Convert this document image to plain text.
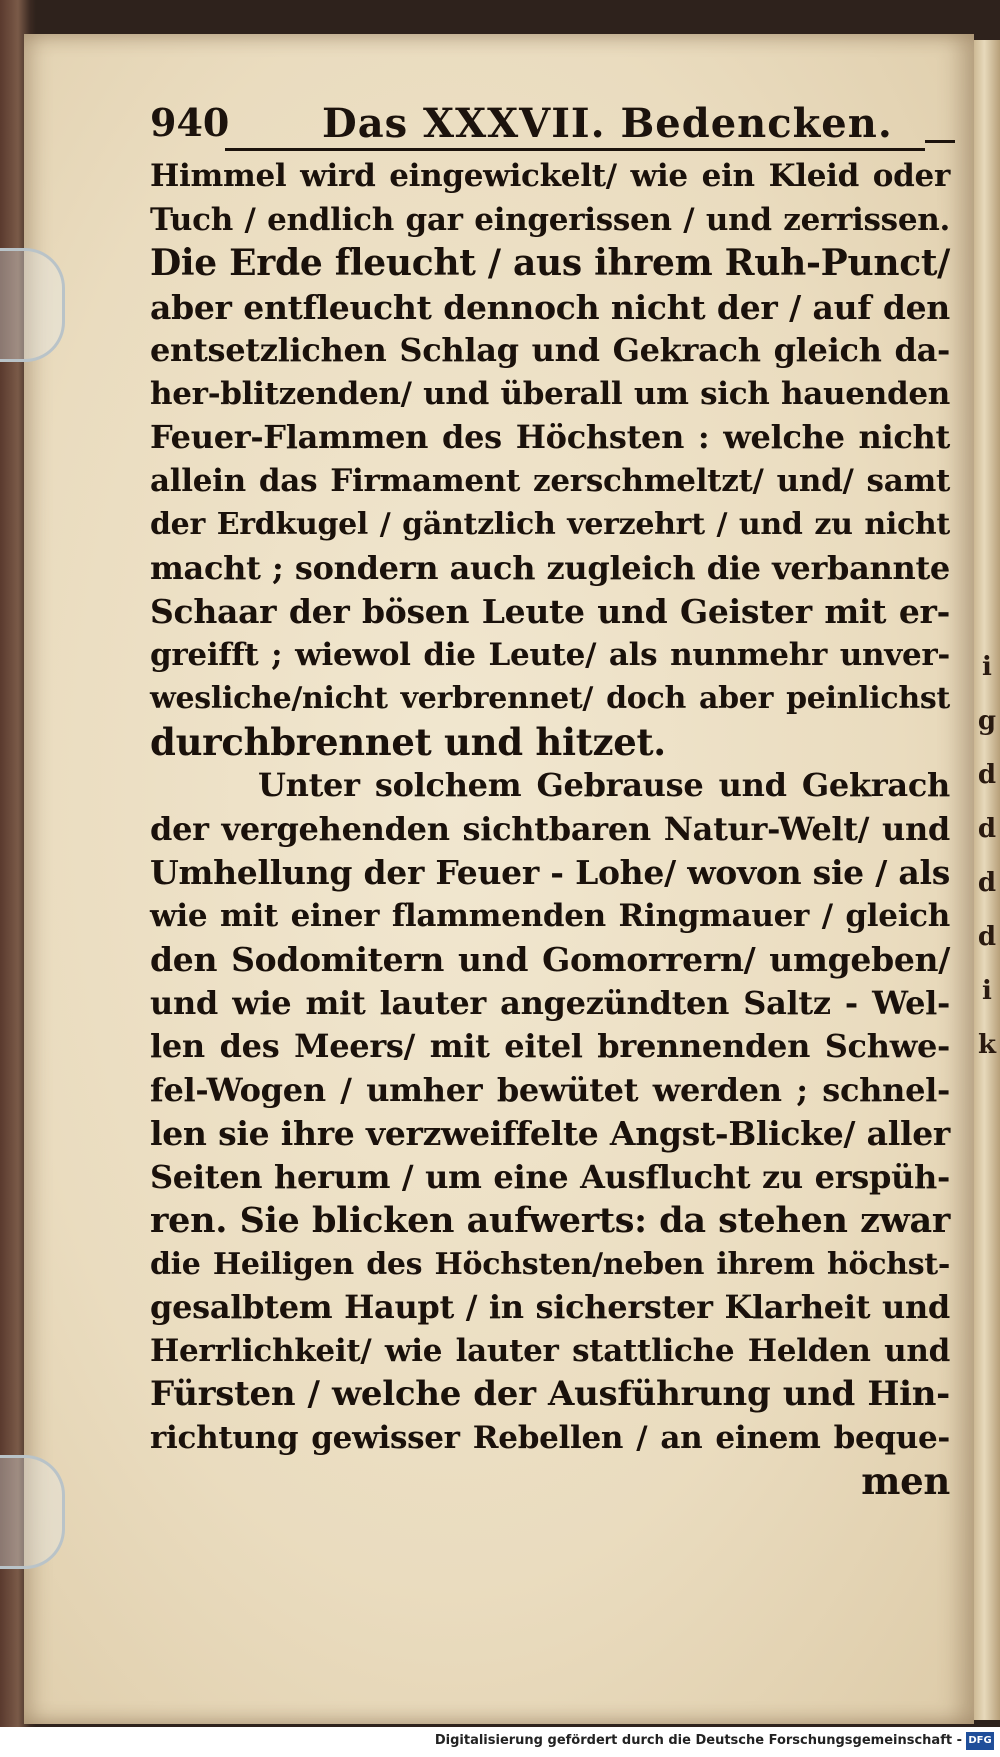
i
g
d
d
d
d
i
k
940 Das XXXVII. Bedencken.
Himmel wird eingewickelt/ wie ein Kleid oder
Tuch / endlich gar eingerissen / und zerrissen.
Die Erde fleucht / aus ihrem Ruh-Punct/
aber entfleucht dennoch nicht der / auf den
entsetzlichen Schlag und Gekrach gleich da-
her-blitzenden/ und überall um sich hauenden
Feuer-Flammen des Höchsten : welche nicht
allein das Firmament zerschmeltzt/ und/ samt
der Erdkugel / gäntzlich verzehrt / und zu nicht
macht ; sondern auch zugleich die verbannte
Schaar der bösen Leute und Geister mit er-
greifft ; wiewol die Leute/ als nunmehr unver-
wesliche/nicht verbrennet/ doch aber peinlichst
durchbrennet und hitzet.
Unter solchem Gebrause und Gekrach
der vergehenden sichtbaren Natur-Welt/ und
Umhellung der Feuer - Lohe/ wovon sie / als
wie mit einer flammenden Ringmauer / gleich
den Sodomitern und Gomorrern/ umgeben/
und wie mit lauter angezündten Saltz - Wel-
len des Meers/ mit eitel brennenden Schwe-
fel-Wogen / umher bewütet werden ; schnel-
len sie ihre verzweiffelte Angst-Blicke/ aller
Seiten herum / um eine Ausflucht zu erspüh-
ren. Sie blicken aufwerts: da stehen zwar
die Heiligen des Höchsten/neben ihrem höchst-
gesalbtem Haupt / in sicherster Klarheit und
Herrlichkeit/ wie lauter stattliche Helden und
Fürsten / welche der Ausführung und Hin-
richtung gewisser Rebellen / an einem beque-
men
Digitalisierung gefördert durch die Deutsche Forschungsgemeinschaft - DFG
